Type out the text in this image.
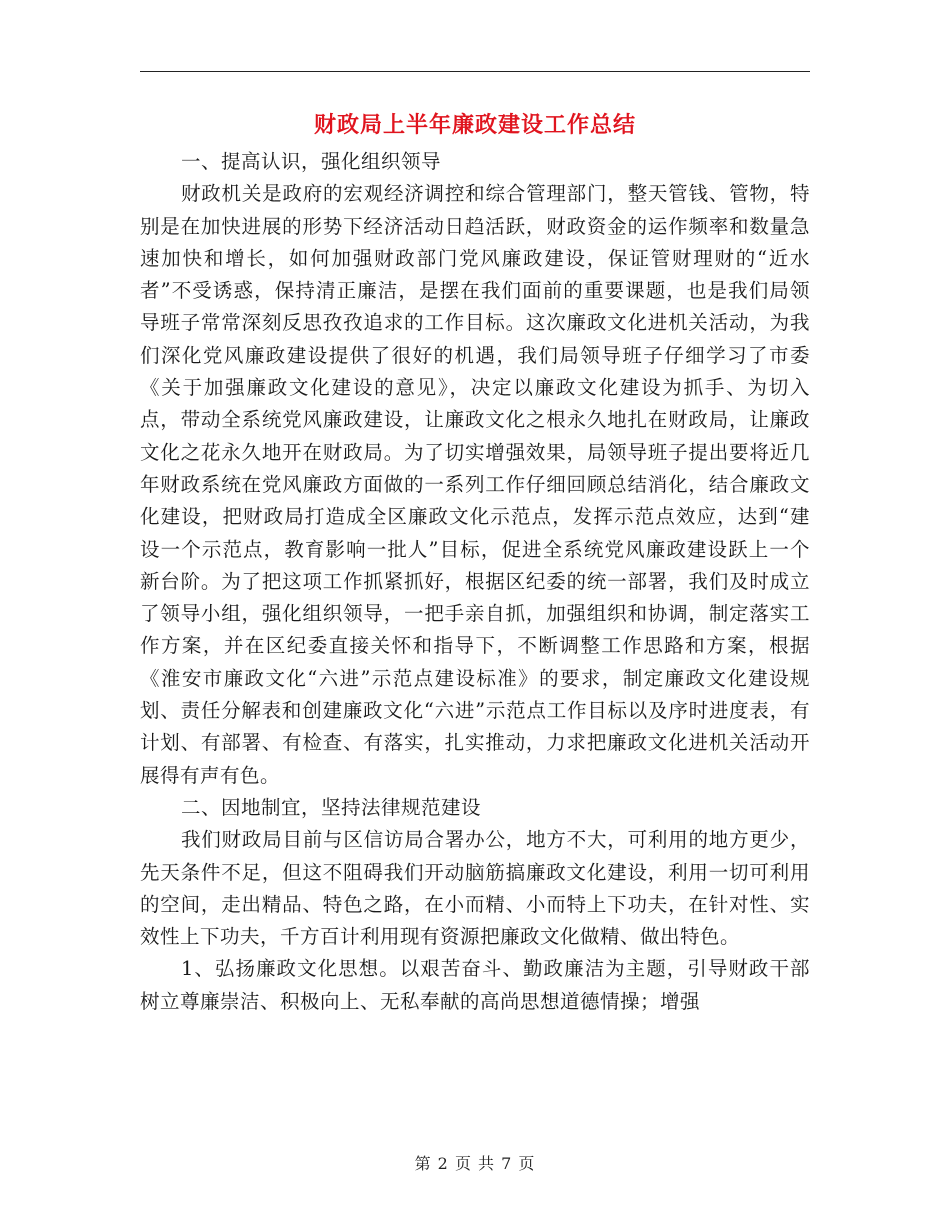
财政局上半年廉政建设工作总结

一、提高认识，强化组织领导

财政机关是政府的宏观经济调控和综合管理部门，整天管钱、管物，特别是在加快进展的形势下经济活动日趋活跃，财政资金的运作频率和数量急速加快和增长，如何加强财政部门党风廉政建设，保证管财理财的“近水者”不受诱惑，保持清正廉洁，是摆在我们面前的重要课题，也是我们局领导班子常常深刻反思孜孜追求的工作目标。这次廉政文化进机关活动，为我们深化党风廉政建设提供了很好的机遇，我们局领导班子仔细学习了市委《关于加强廉政文化建设的意见》，决定以廉政文化建设为抓手、为切入点，带动全系统党风廉政建设，让廉政文化之根永久地扎在财政局，让廉政文化之花永久地开在财政局。为了切实增强效果，局领导班子提出要将近几年财政系统在党风廉政方面做的一系列工作仔细回顾总结消化，结合廉政文化建设，把财政局打造成全区廉政文化示范点，发挥示范点效应，达到“建设一个示范点，教育影响一批人”目标，促进全系统党风廉政建设跃上一个新台阶。为了把这项工作抓紧抓好，根据区纪委的统一部署，我们及时成立了领导小组，强化组织领导，一把手亲自抓，加强组织和协调，制定落实工作方案，并在区纪委直接关怀和指导下，不断调整工作思路和方案，根据《淮安市廉政文化“六进”示范点建设标准》的要求，制定廉政文化建设规划、责任分解表和创建廉政文化“六进”示范点工作目标以及序时进度表，有计划、有部署、有检查、有落实，扎实推动，力求把廉政文化进机关活动开展得有声有色。

二、因地制宜，坚持法律规范建设

我们财政局目前与区信访局合署办公，地方不大，可利用的地方更少，先天条件不足，但这不阻碍我们开动脑筋搞廉政文化建设，利用一切可利用的空间，走出精品、特色之路，在小而精、小而特上下功夫，在针对性、实效性上下功夫，千方百计利用现有资源把廉政文化做精、做出特色。

1、弘扬廉政文化思想。以艰苦奋斗、勤政廉洁为主题，引导财政干部树立尊廉崇洁、积极向上、无私奉献的高尚思想道德情操；增强

第 2 页 共 7 页
